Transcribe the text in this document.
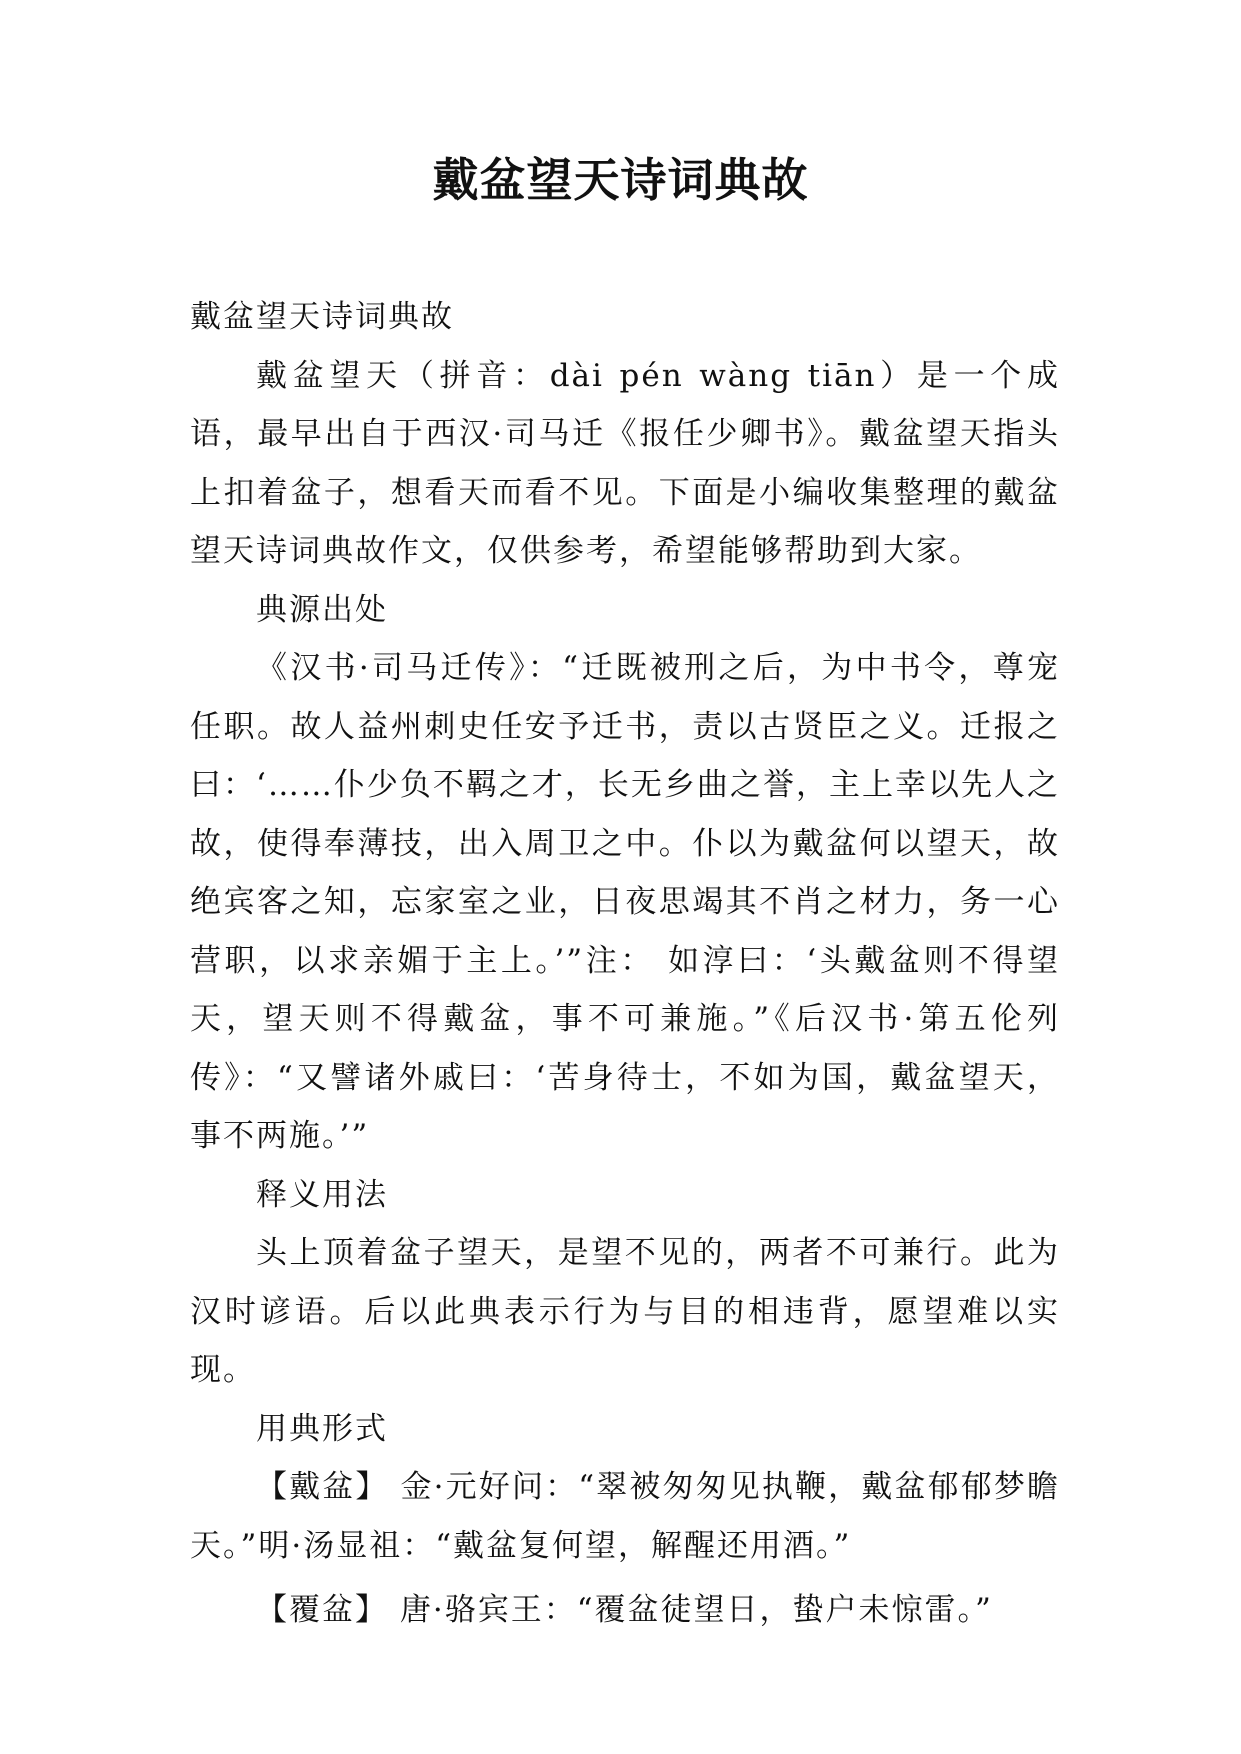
戴盆望天诗词典故

戴盆望天诗词典故

戴盆望天（拼音：dài pén wàng tiān）是一个成语，最早出自于西汉·司马迁《报任少卿书》。戴盆望天指头上扣着盆子，想看天而看不见。下面是小编收集整理的戴盆望天诗词典故作文，仅供参考，希望能够帮助到大家。

典源出处

《汉书·司马迁传》：“迁既被刑之后，为中书令，尊宠任职。故人益州刺史任安予迁书，责以古贤臣之义。迁报之曰：‘……仆少负不羁之才，长无乡曲之誉，主上幸以先人之故，使得奉薄技，出入周卫之中。仆以为戴盆何以望天，故绝宾客之知，忘家室之业，日夜思竭其不肖之材力，务一心营职，以求亲媚于主上。’”注： 如淳曰：‘头戴盆则不得望天，望天则不得戴盆，事不可兼施。”《后汉书·第五伦列传》：“又譬诸外戚曰：‘苦身待士，不如为国，戴盆望天，事不两施。’”

释义用法

头上顶着盆子望天，是望不见的，两者不可兼行。此为汉时谚语。后以此典表示行为与目的相违背，愿望难以实现。

用典形式

【戴盆】 金·元好问：“翠被匆匆见执鞭，戴盆郁郁梦瞻天。”明·汤显祖：“戴盆复何望，解醒还用酒。”

【覆盆】 唐·骆宾王：“覆盆徒望日，蛰户未惊雷。”
